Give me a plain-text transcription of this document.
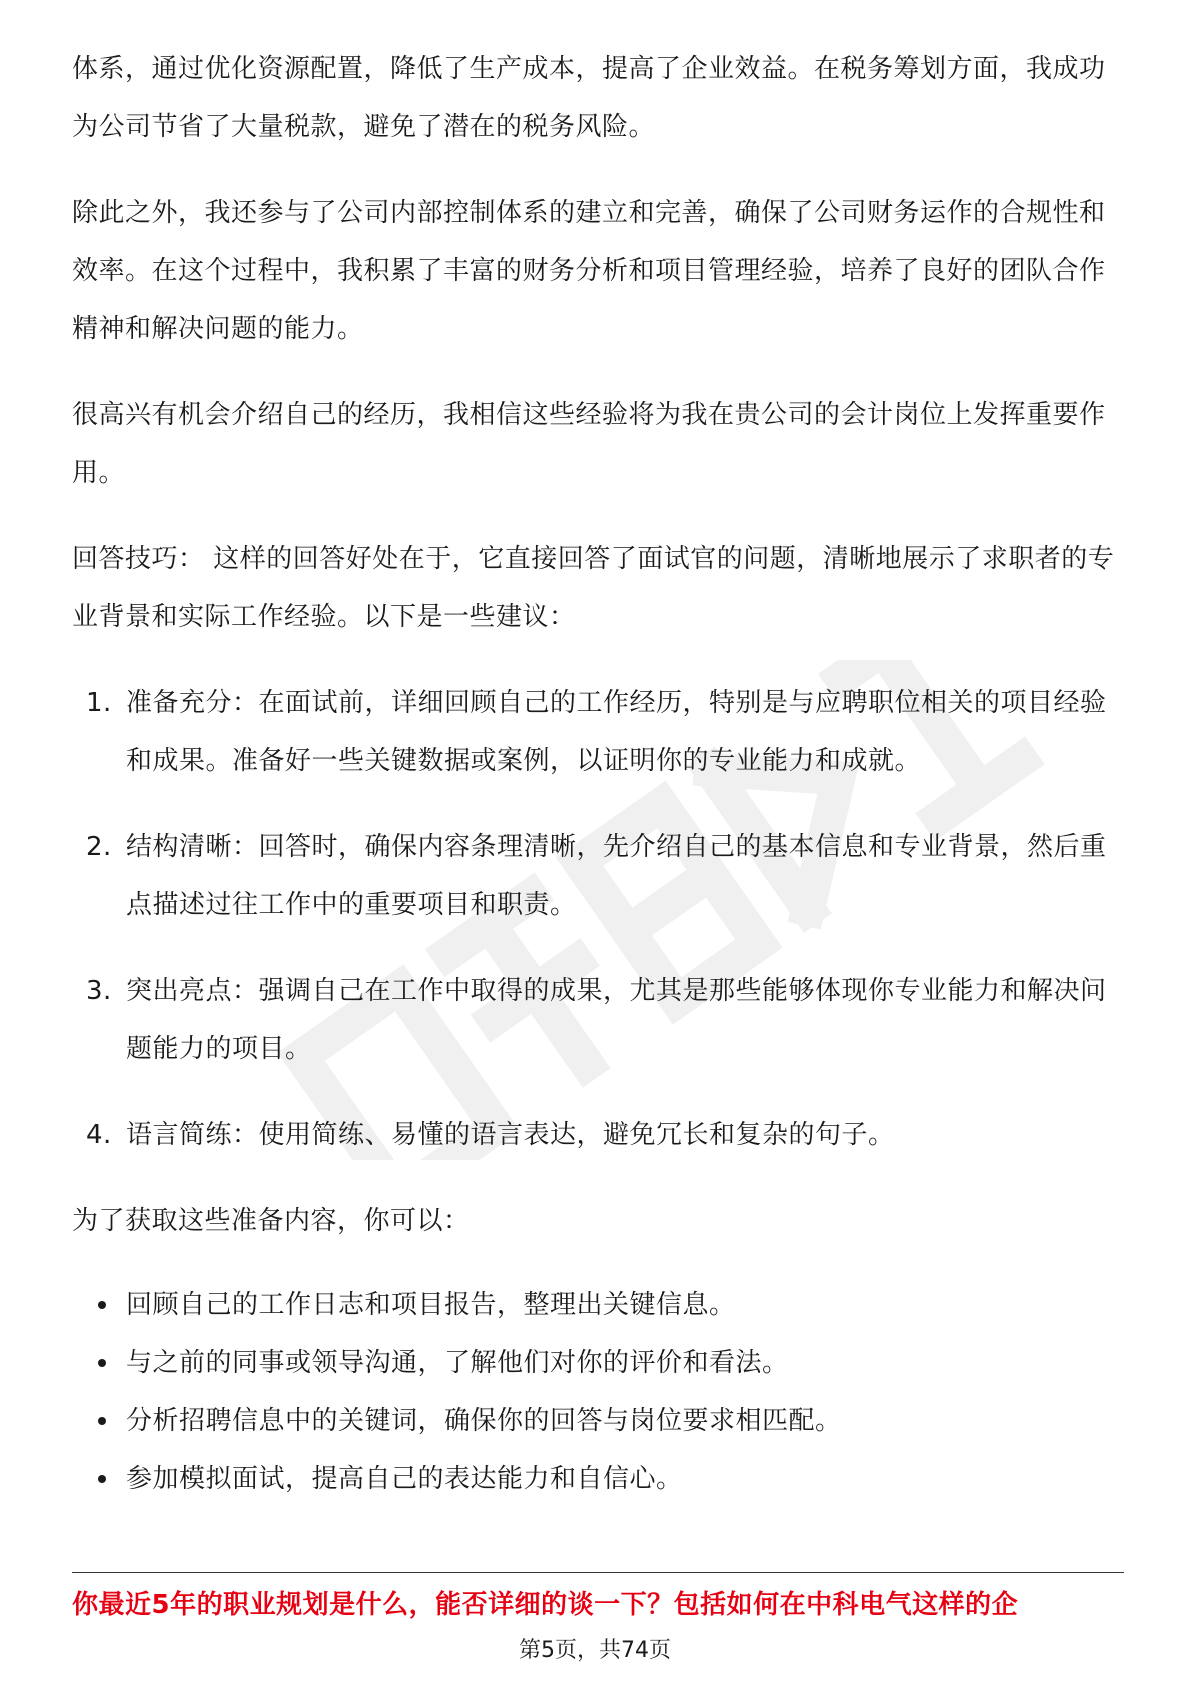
体系，通过优化资源配置，降低了生产成本，提高了企业效益。在税务筹划方面，我成功为公司节省了大量税款，避免了潜在的税务风险。

除此之外，我还参与了公司内部控制体系的建立和完善，确保了公司财务运作的合规性和效率。在这个过程中，我积累了丰富的财务分析和项目管理经验，培养了良好的团队合作精神和解决问题的能力。

很高兴有机会介绍自己的经历，我相信这些经验将为我在贵公司的会计岗位上发挥重要作用。

回答技巧： 这样的回答好处在于，它直接回答了面试官的问题，清晰地展示了求职者的专业背景和实际工作经验。以下是一些建议：

1. 准备充分：在面试前，详细回顾自己的工作经历，特别是与应聘职位相关的项目经验和成果。准备好一些关键数据或案例，以证明你的专业能力和成就。
2. 结构清晰：回答时，确保内容条理清晰，先介绍自己的基本信息和专业背景，然后重点描述过往工作中的重要项目和职责。
3. 突出亮点：强调自己在工作中取得的成果，尤其是那些能够体现你专业能力和解决问题能力的项目。
4. 语言简练：使用简练、易懂的语言表达，避免冗长和复杂的句子。

为了获取这些准备内容，你可以：

回顾自己的工作日志和项目报告，整理出关键信息。
与之前的同事或领导沟通，了解他们对你的评价和看法。
分析招聘信息中的关键词，确保你的回答与岗位要求相匹配。
参加模拟面试，提高自己的表达能力和自信心。
你最近5年的职业规划是什么，能否详细的谈一下？包括如何在中科电气这样的企
第5页，共74页
